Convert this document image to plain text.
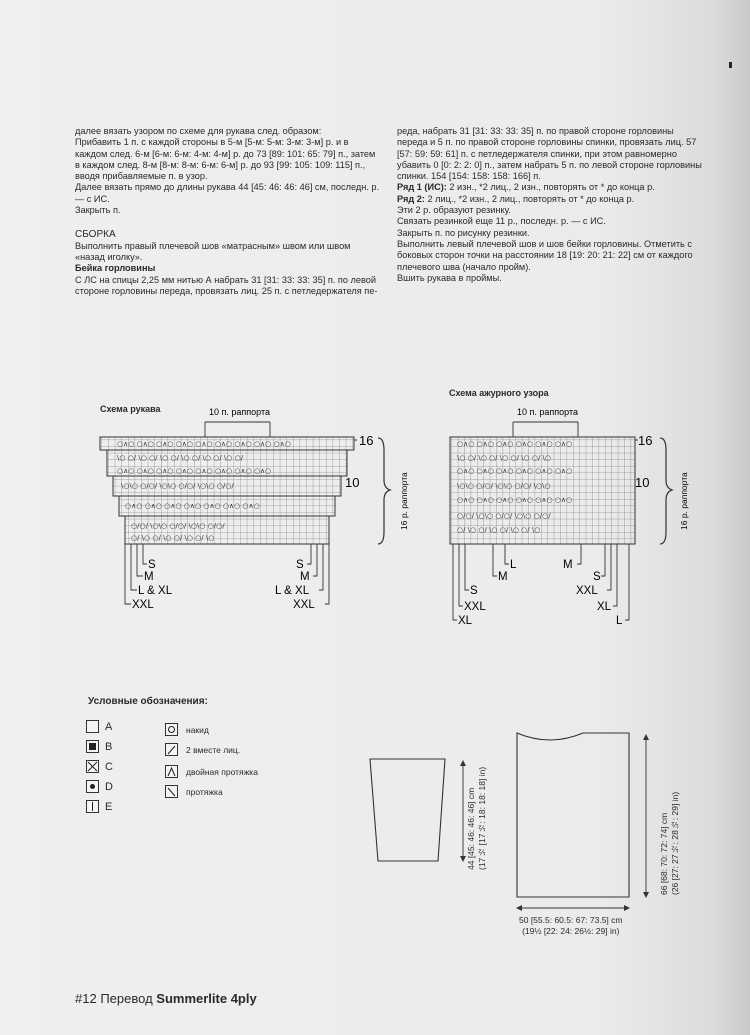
далее вязать узором по схеме для рукава след. образом:

Прибавить 1 п. с каждой стороны в 5-м [5-м: 5-м: 3-м: 3-м] р. и в каждом след. 6-м [6-м: 6-м: 4-м: 4-м] р. до 73 [89: 101: 65: 79] п., затем в каждом след. 8-м [8-м: 8-м: 6-м: 6-м] р. до 93 [99: 105: 109: 115] п., вводя прибавляемые п. в узор.

Далее вязать прямо до длины рукава 44 [45: 46: 46: 46] см, последн. р. — с ИС.

Закрыть п.

СБОРКА

Выполнить правый плечевой шов «матрасным» швом или швом «назад иголку».

Бейка горловины

С ЛС на спицы 2,25 мм нитью А набрать 31 [31: 33: 33: 35] п. по левой стороне горловины переда, провязать лиц. 25 п. с петледержателя пе-

реда, набрать 31 [31: 33: 33: 35] п. по правой стороне горловины переда и 5 п. по правой стороне горловины спинки, провязать лиц. 57 [57: 59: 59: 61] п. с петледержателя спинки, при этом равномерно убавить 0 [0: 2: 2: 0] п., затем набрать 5 п. по левой стороне горловины спинки. 154 [154: 158: 158: 166] п.

Ряд 1 (ИС): 2 изн., *2 лиц., 2 изн., повторять от * до конца р.

Ряд 2: 2 лиц., *2 изн., 2 лиц., повторять от * до конца р.

Эти 2 р. образуют резинку.

Связать резинкой еще 11 р., последн. р. — с ИС.

Закрыть п. по рисунку резинки.

Выполнить левый плечевой шов и шов бейки горловины. Отметить с боковых сторон точки на расстоянии 18 [19: 20: 21: 22] см от каждого плечевого шва (начало пройм).

Вшить рукава в проймы.

Схема рукава	10 п. раппорта
○∧○ ○∧○ ○∧○ ○∧○ ○∧○ ○∧○ ○∧○ ○∧○ ○∧○
\○ ○/ \○ ○/ \○ ○/ \○ ○/ \○ ○/ \○ ○/
○∧○ ○∧○ ○∧○ ○∧○ ○∧○ ○∧○ ○∧○ ○∧○
\○\○ ○/○/ \○\○ ○/○/ \○\○ ○/○/
○∧○ ○∧○ ○∧○ ○∧○ ○∧○ ○∧○ ○∧○
○/○/ \○\○ ○/○/ \○\○ ○/○/
○/ \○ ○/ \○ ○/ \○ ○/ \○
16
10	16 р. раппорта
S
M
L & XL
XXL
S
M
L & XL
XXL
Схема ажурного узора
10 п. раппорта
○∧○ ○∧○ ○∧○ ○∧○ ○∧○ ○∧○
\○ ○/ \○ ○/ \○ ○/ \○ ○/ \○
○∧○ ○∧○ ○∧○ ○∧○ ○∧○ ○∧○
\○\○ ○/○/ \○\○ ○/○/ \○\○
○∧○ ○∧○ ○∧○ ○∧○ ○∧○ ○∧○
○/○/ \○\○ ○/○/ \○\○ ○/○/
○/ \○ ○/ \○ ○/ \○ ○/ \○
16
10	16 р. раппорта
L
M
S
XXL
XL
M
S
XXL
XL
L
Условные обозначения:
A
B
C
D
E
накид
2 вместе лиц.
двойная протяжка
протяжка	44 [45: 46: 46: 46] cm
(17½ [17½: 18: 18: 18] in)	66 [68: 70: 72: 74] cm
(26 [27: 27½: 28½: 29] in)
50 [55.5: 60.5: 67: 73.5] cm
(19½ [22: 24: 26½: 29] in)
#12 Перевод Summerlite 4ply
